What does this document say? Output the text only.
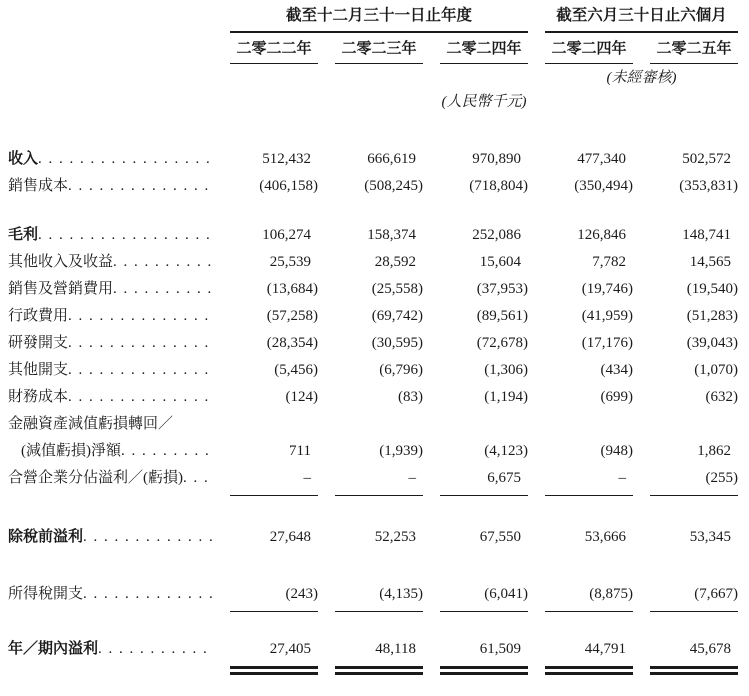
截至十二月三十一日止年度	截至六月三十日止六個月
二零二二年	二零二三年	二零二四年	二零二四年	二零二五年
(未經審核)
(人民幣千元)
收入 . . .	512,432	666,619	970,890	477,340	502,572
銷售成本 . . .	(406,158)	(508,245)	(718,804)	(350,494)	(353,831)
毛利 . . .	106,274	158,374	252,086	126,846	148,741
其他收入及收益 . . .	25,539	28,592	15,604	7,782	14,565
銷售及營銷費用 . . .	(13,684)	(25,558)	(37,953)	(19,746)	(19,540)
行政費用 . . .	(57,258)	(69,742)	(89,561)	(41,959)	(51,283)
研發開支 . . .	(28,354)	(30,595)	(72,678)	(17,176)	(39,043)
其他開支 . . .	(5,456)	(6,796)	(1,306)	(434)	(1,070)
財務成本 . . .	(124)	(83)	(1,194)	(699)	(632)
金融資產減值虧損轉回／
(減值虧損)淨額 . . .	711	(1,939)	(4,123)	(948)	1,862
合營企業分佔溢利／(虧損) . . .	–	–	6,675	–	(255)
除稅前溢利 . . .	27,648	52,253	67,550	53,666	53,345
所得稅開支 . . .	(243)	(4,135)	(6,041)	(8,875)	(7,667)
年／期內溢利 . . .	27,405	48,118	61,509	44,791	45,678
